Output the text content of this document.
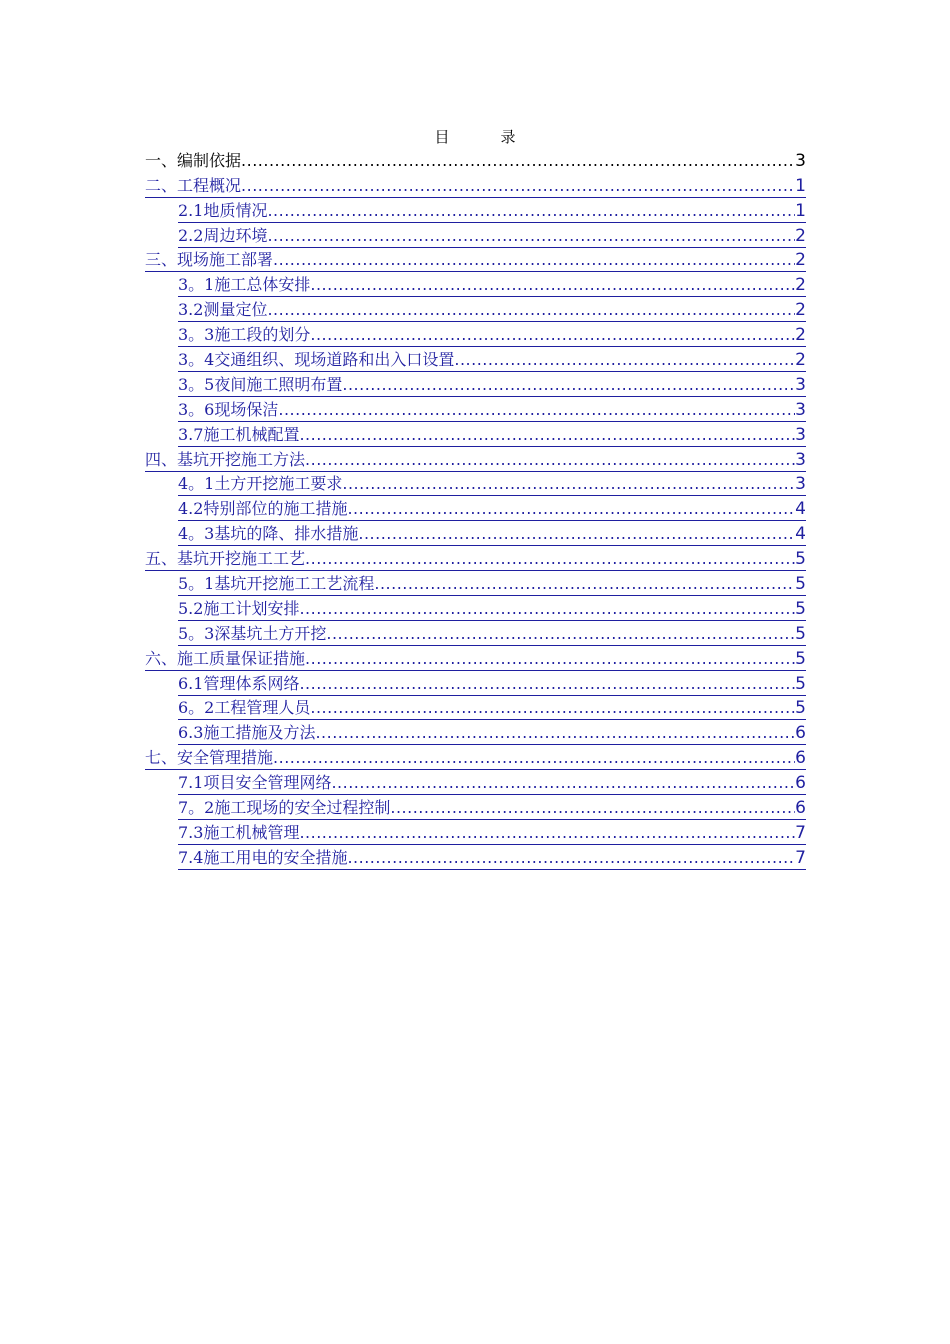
目　录
一、编制依据 .....	3
二、工程概况 .....	1
2.1地质情况 .....	1
2.2周边环境 .....	2
三、现场施工部署 .....	2
3。1施工总体安排 .....	2
3.2测量定位 .....	2
3。3施工段的划分 .....	2
3。4交通组织、现场道路和出入口设置 .....	2
3。5夜间施工照明布置 .....	3
3。6现场保洁 .....	3
3.7施工机械配置 .....	3
四、基坑开挖施工方法 .....	3
4。1土方开挖施工要求 .....	3
4.2特别部位的施工措施 .....	4
4。3基坑的降、排水措施 .....	4
五、基坑开挖施工工艺 .....	5
5。1基坑开挖施工工艺流程 .....	5
5.2施工计划安排 .....	5
5。3深基坑土方开挖 .....	5
六、施工质量保证措施 .....	5
6.1管理体系网络 .....	5
6。2工程管理人员 .....	5
6.3施工措施及方法 .....	6
七、安全管理措施 .....	6
7.1项目安全管理网络 .....	6
7。2施工现场的安全过程控制 .....	6
7.3施工机械管理 .....	7
7.4施工用电的安全措施 .....	7
